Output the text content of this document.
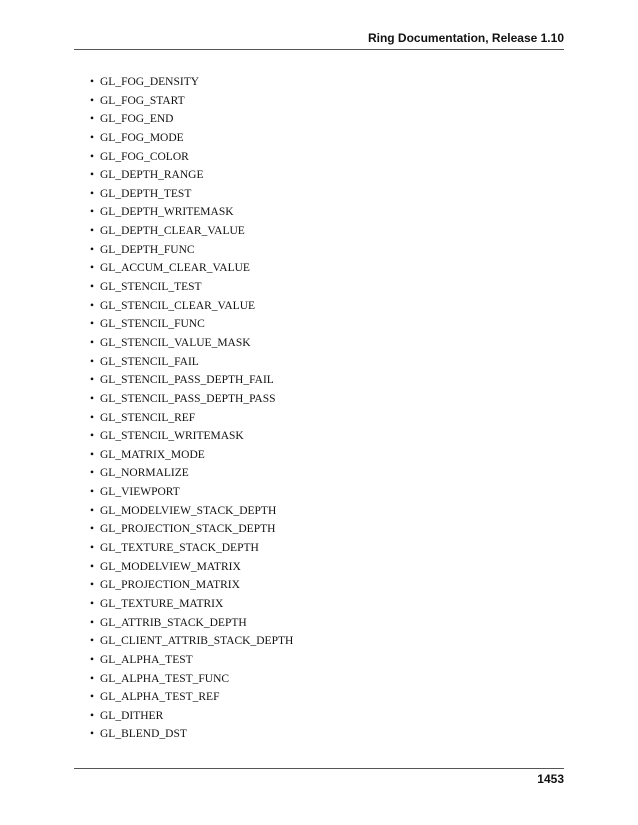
Ring Documentation, Release 1.10
• GL_FOG_DENSITY
• GL_FOG_START
• GL_FOG_END
• GL_FOG_MODE
• GL_FOG_COLOR
• GL_DEPTH_RANGE
• GL_DEPTH_TEST
• GL_DEPTH_WRITEMASK
• GL_DEPTH_CLEAR_VALUE
• GL_DEPTH_FUNC
• GL_ACCUM_CLEAR_VALUE
• GL_STENCIL_TEST
• GL_STENCIL_CLEAR_VALUE
• GL_STENCIL_FUNC
• GL_STENCIL_VALUE_MASK
• GL_STENCIL_FAIL
• GL_STENCIL_PASS_DEPTH_FAIL
• GL_STENCIL_PASS_DEPTH_PASS
• GL_STENCIL_REF
• GL_STENCIL_WRITEMASK
• GL_MATRIX_MODE
• GL_NORMALIZE
• GL_VIEWPORT
• GL_MODELVIEW_STACK_DEPTH
• GL_PROJECTION_STACK_DEPTH
• GL_TEXTURE_STACK_DEPTH
• GL_MODELVIEW_MATRIX
• GL_PROJECTION_MATRIX
• GL_TEXTURE_MATRIX
• GL_ATTRIB_STACK_DEPTH
• GL_CLIENT_ATTRIB_STACK_DEPTH
• GL_ALPHA_TEST
• GL_ALPHA_TEST_FUNC
• GL_ALPHA_TEST_REF
• GL_DITHER
• GL_BLEND_DST
1453
